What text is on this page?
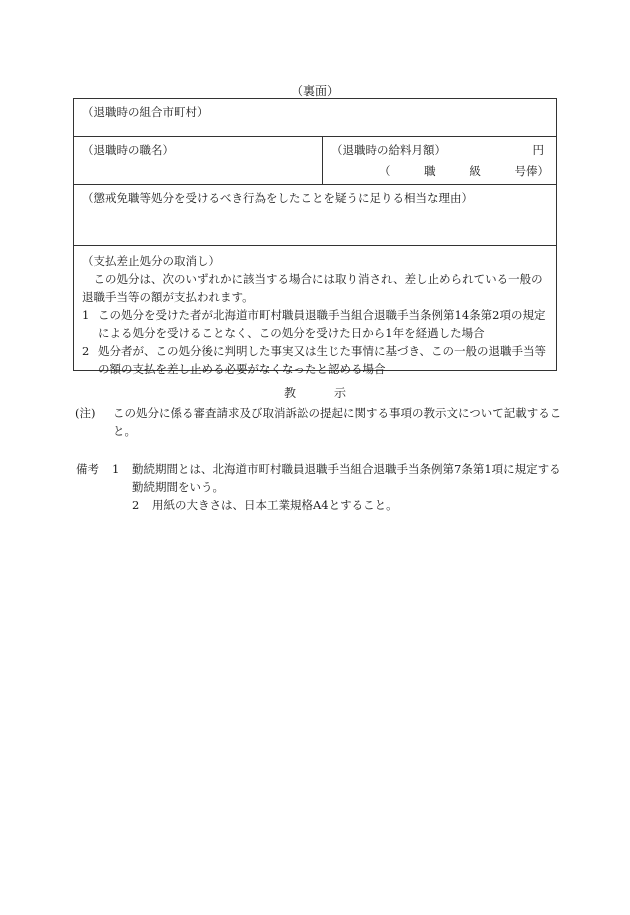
（裏面）
（退職時の組合市町村）
（退職時の職名）	（退職時の給料月額）	円
（	職	級	号俸）
（懲戒免職等処分を受けるべき行為をしたことを疑うに足りる相当な理由）

（支払差止処分の取消し）

この処分は、次のいずれかに該当する場合には取り消され、差し止められている一般の退職手当等の額が支払われます。

1 この処分を受けた者が北海道市町村職員退職手当組合退職手当条例第14条第2項の規定による処分を受けることなく、この処分を受けた日から1年を経過した場合
2 処分者が、この処分後に判明した事実又は生じた事情に基づき、この一般の退職手当等の額の支払を差し止める必要がなくなったと認める場合
教	示
(注)	この処分に係る審査請求及び取消訴訟の提起に関する事項の教示文について記載すること。
備考	1	勤続期間とは、北海道市町村職員退職手当組合退職手当条例第7条第1項に規定する勤続期間をいう。
2	用紙の大きさは、日本工業規格A4とすること。
